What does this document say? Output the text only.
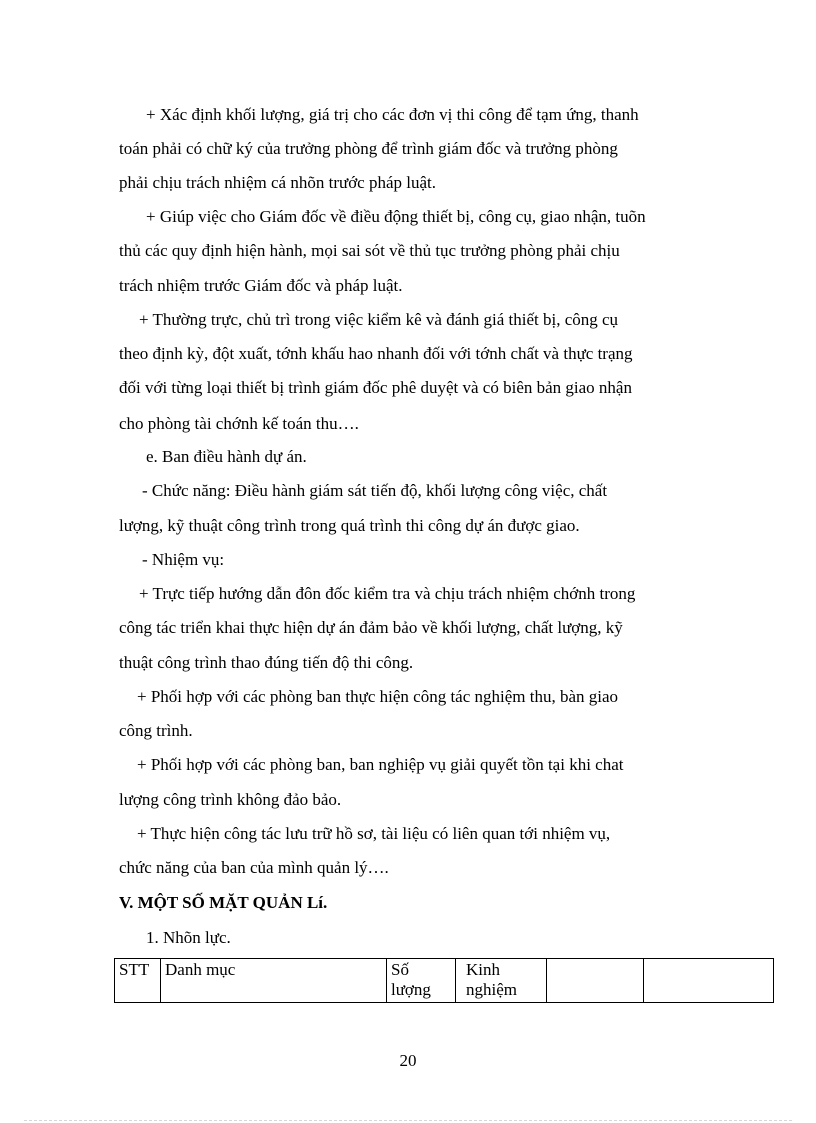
+ Xác định khối lượng, giá trị cho các đơn vị thi công để tạm ứng, thanh
toán phải có chữ ký của trưởng phòng để trình giám đốc và trưởng phòng
phải chịu trách nhiệm cá nhõn trước pháp luật.
+ Giúp việc cho Giám đốc về điều động thiết bị, công cụ, giao nhận, tuõn
thủ các quy định hiện hành, mọi sai sót về thủ tục trưởng phòng phải chịu
trách nhiệm trước Giám đốc và pháp luật.
+ Thường trực, chủ trì trong việc kiểm kê và đánh giá thiết bị, công cụ
theo định kỳ, đột xuất, tớnh khấu hao nhanh đối với tớnh chất và thực trạng
đối với từng loại thiết bị trình giám đốc phê duyệt và có biên bản giao nhận
cho phòng tài chớnh kế toán thu….
e. Ban điều hành dự án.
- Chức năng: Điều hành giám sát tiến độ, khối lượng công việc, chất
lượng, kỹ thuật công trình trong quá trình thi công dự án được giao.
- Nhiệm vụ:
+ Trực tiếp hướng dẫn đôn đốc kiểm tra và chịu trách nhiệm chớnh trong
công tác triển khai thực hiện dự án đảm bảo về khối lượng, chất lượng, kỹ
thuật công trình thao đúng tiến độ thi công.
+ Phối hợp với các phòng ban thực hiện công tác nghiệm thu, bàn giao
công trình.
+ Phối hợp với các phòng ban, ban nghiệp vụ giải quyết tồn tại khi chat
lượng công trình không đảo bảo.
+ Thực hiện công tác lưu trữ hồ sơ, tài liệu có liên quan tới nhiệm vụ,
chức năng của ban của mình quản lý….
V. MỘT SỐ MẶT QUẢN Lí.
1. Nhõn lực.
STT	Danh mục	Số lượng	Kinh nghiệm		
20
